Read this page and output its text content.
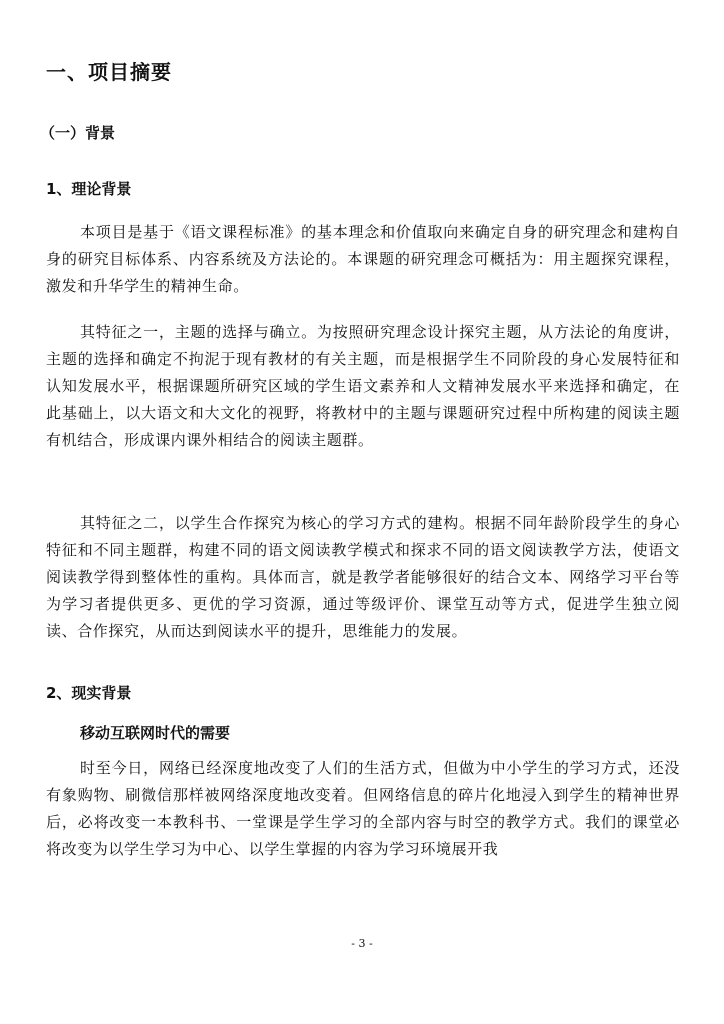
一、项目摘要
（一）背景
1、理论背景

本项目是基于《语文课程标准》的基本理念和价值取向来确定自身的研究理念和建构自身的研究目标体系、内容系统及方法论的。本课题的研究理念可概括为：用主题探究课程，激发和升华学生的精神生命。

其特征之一，主题的选择与确立。为按照研究理念设计探究主题，从方法论的角度讲，主题的选择和确定不拘泥于现有教材的有关主题，而是根据学生不同阶段的身心发展特征和认知发展水平，根据课题所研究区域的学生语文素养和人文精神发展水平来选择和确定，在此基础上，以大语文和大文化的视野，将教材中的主题与课题研究过程中所构建的阅读主题有机结合，形成课内课外相结合的阅读主题群。

其特征之二，以学生合作探究为核心的学习方式的建构。根据不同年龄阶段学生的身心特征和不同主题群，构建不同的语文阅读教学模式和探求不同的语文阅读教学方法，使语文阅读教学得到整体性的重构。具体而言，就是教学者能够很好的结合文本、网络学习平台等为学习者提供更多、更优的学习资源，通过等级评价、课堂互动等方式，促进学生独立阅读、合作探究，从而达到阅读水平的提升，思维能力的发展。

2、现实背景
移动互联网时代的需要

时至今日，网络已经深度地改变了人们的生活方式，但做为中小学生的学习方式，还没有象购物、刷微信那样被网络深度地改变着。但网络信息的碎片化地浸入到学生的精神世界后，必将改变一本教科书、一堂课是学生学习的全部内容与时空的教学方式。我们的课堂必将改变为以学生学习为中心、以学生掌握的内容为学习环境展开我

- 3 -
